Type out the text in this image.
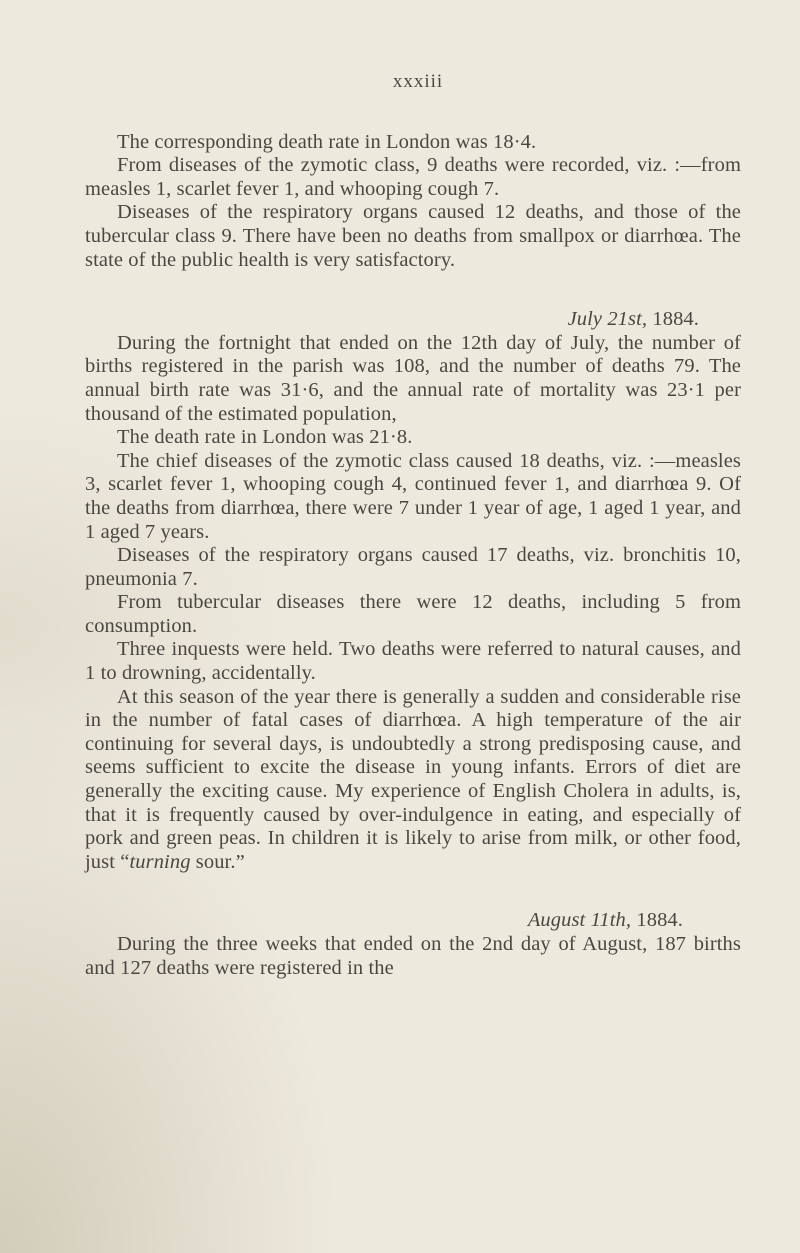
xxxiii

The corresponding death rate in London was 18·4.

From diseases of the zymotic class, 9 deaths were recorded, viz. :—from measles 1, scarlet fever 1, and whooping cough 7.

Diseases of the respiratory organs caused 12 deaths, and those of the tubercular class 9. There have been no deaths from smallpox or diarrhœa. The state of the public health is very satisfactory.

July 21st, 1884.

During the fortnight that ended on the 12th day of July, the number of births registered in the parish was 108, and the number of deaths 79. The annual birth rate was 31·6, and the annual rate of mortality was 23·1 per thousand of the estimated population,

The death rate in London was 21·8.

The chief diseases of the zymotic class caused 18 deaths, viz. :—measles 3, scarlet fever 1, whooping cough 4, continued fever 1, and diarrhœa 9. Of the deaths from diarrhœa, there were 7 under 1 year of age, 1 aged 1 year, and 1 aged 7 years.

Diseases of the respiratory organs caused 17 deaths, viz. bronchitis 10, pneumonia 7.

From tubercular diseases there were 12 deaths, including 5 from consumption.

Three inquests were held. Two deaths were referred to natural causes, and 1 to drowning, accidentally.

At this season of the year there is generally a sudden and considerable rise in the number of fatal cases of diarrhœa. A high temperature of the air continuing for several days, is undoubtedly a strong predisposing cause, and seems sufficient to excite the disease in young infants. Errors of diet are generally the exciting cause. My experience of English Cholera in adults, is, that it is frequently caused by over-indulgence in eating, and especially of pork and green peas. In children it is likely to arise from milk, or other food, just “turning sour.”

August 11th, 1884.

During the three weeks that ended on the 2nd day of August, 187 births and 127 deaths were registered in the
